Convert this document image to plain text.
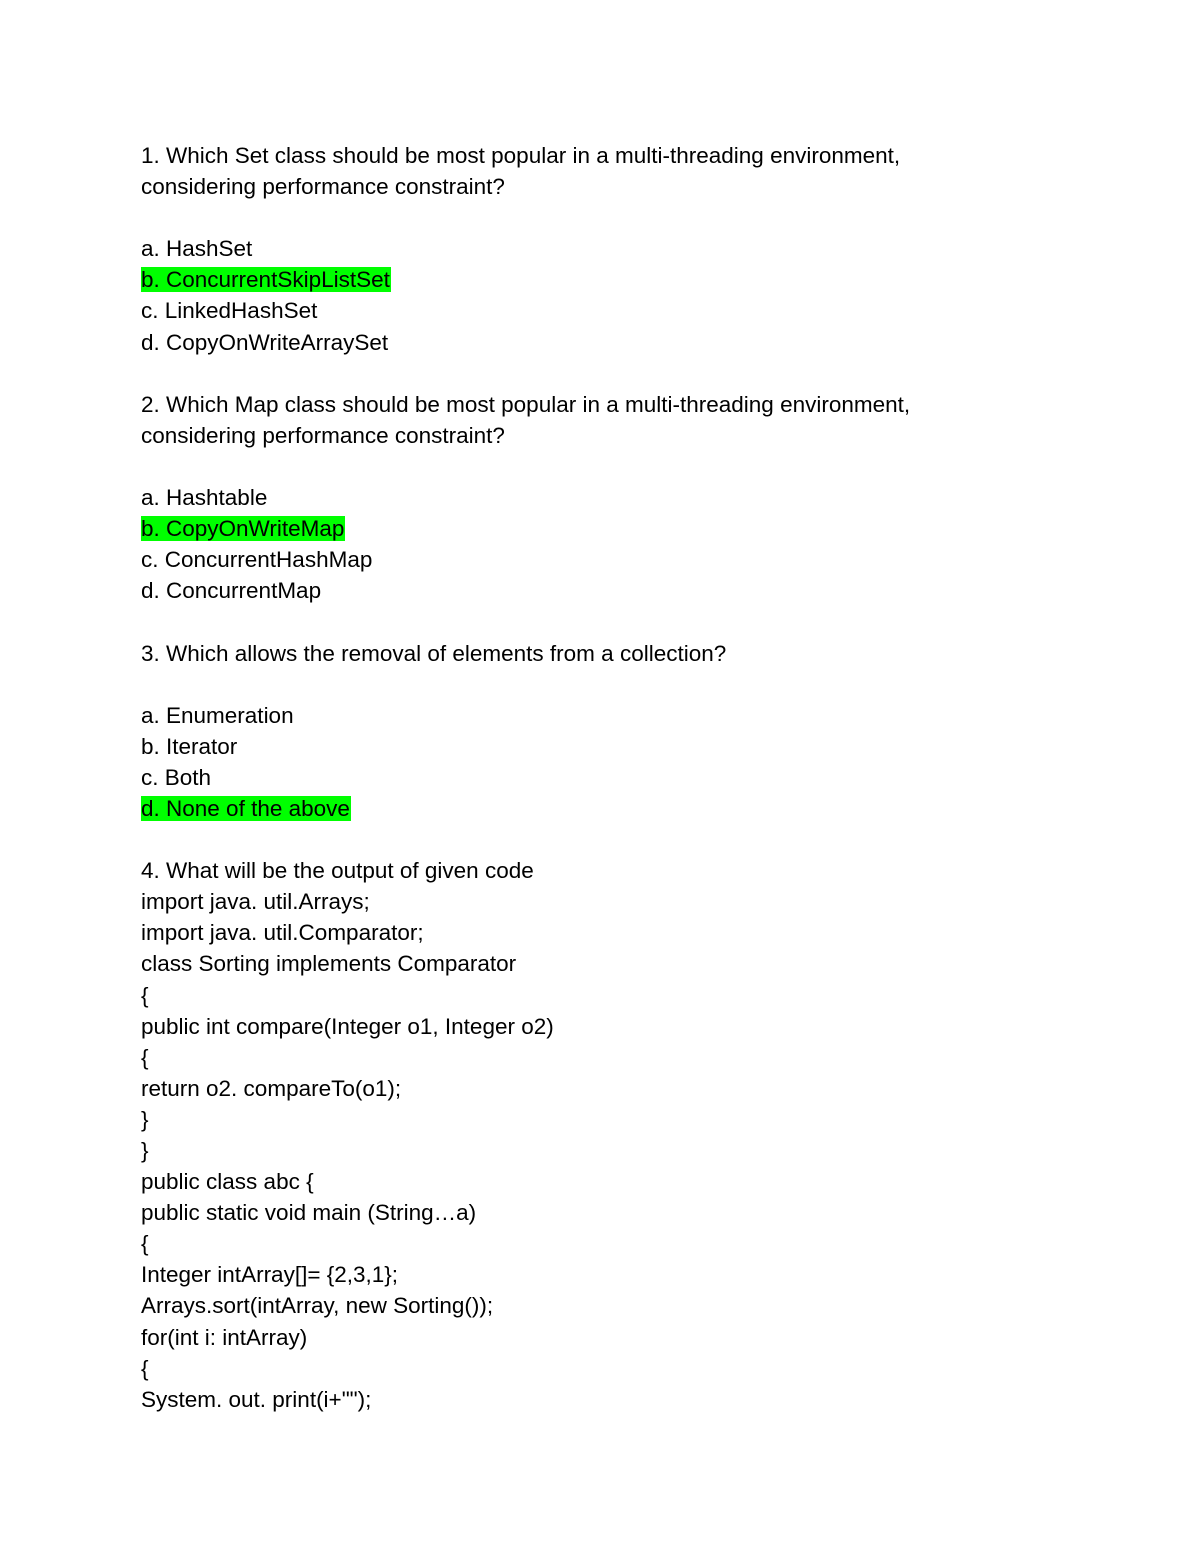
1. Which Set class should be most popular in a multi-threading environment,
considering performance constraint?
a. HashSet
b. ConcurrentSkipListSet
c. LinkedHashSet
d. CopyOnWriteArraySet
2. Which Map class should be most popular in a multi-threading environment,
considering performance constraint?
a. Hashtable
b. CopyOnWriteMap
c. ConcurrentHashMap
d. ConcurrentMap
3. Which allows the removal of elements from a collection?
a. Enumeration
b. Iterator
c. Both
d. None of the above
4. What will be the output of given code
import java. util.Arrays;
import java. util.Comparator;
class Sorting implements Comparator
{
public int compare(Integer o1, Integer o2)
{
return o2. compareTo(o1);
}
}
public class abc {
public static void main (String…a)
{
Integer intArray[]= {2,3,1};
Arrays.sort(intArray, new Sorting());
for(int i: intArray)
{
System. out. print(i+"");
